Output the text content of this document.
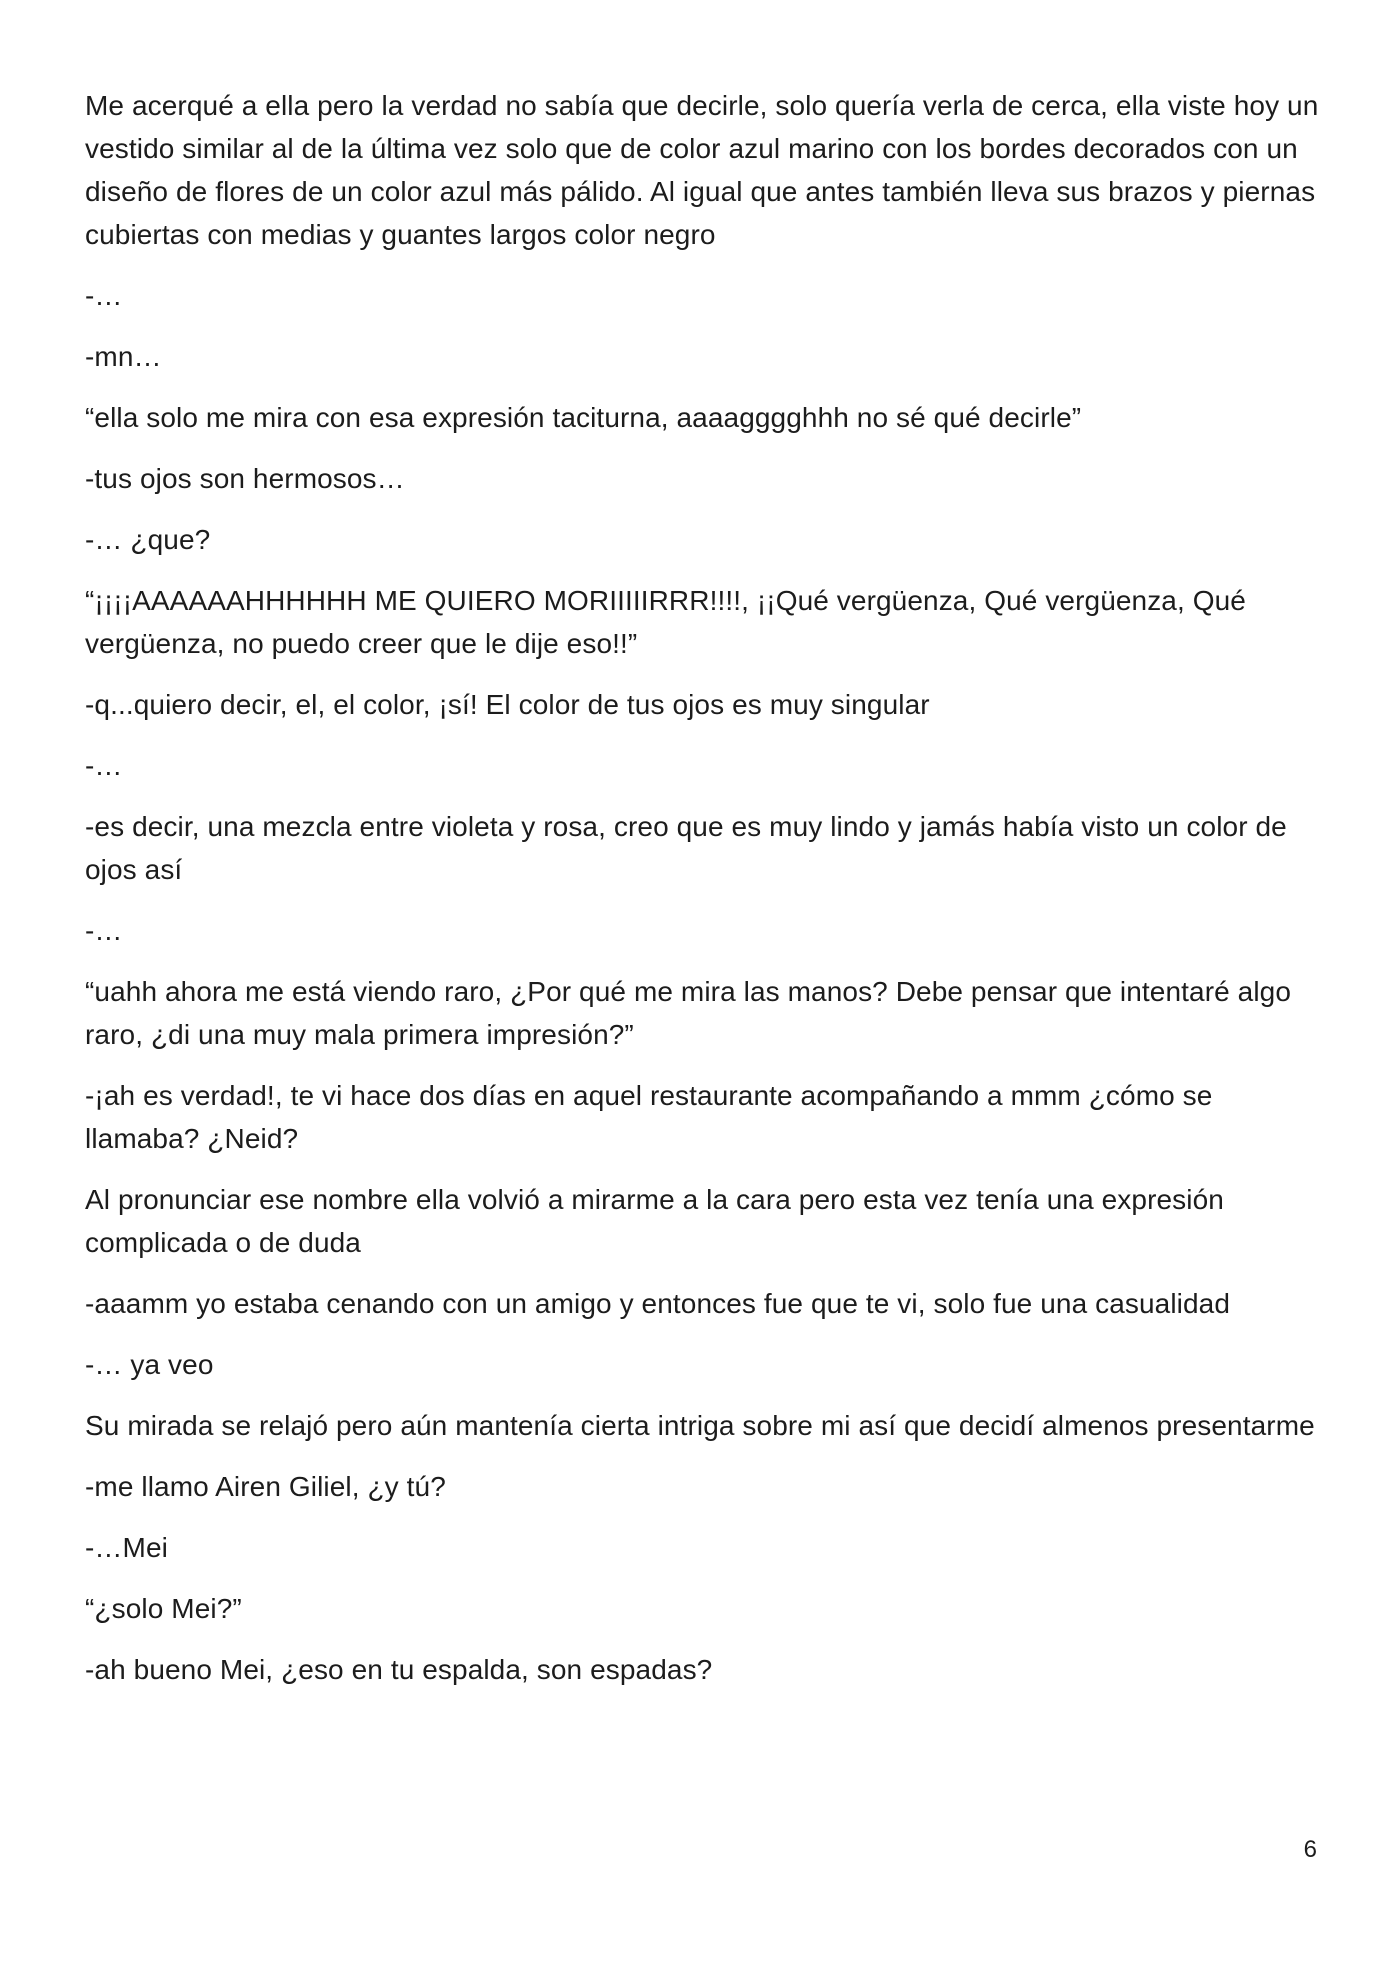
Me acerqué a ella pero la verdad no sabía que decirle, solo quería verla de cerca, ella viste hoy un vestido similar al de la última vez solo que de color azul marino con los bordes decorados con un diseño de flores de un color azul más pálido. Al igual que antes también lleva sus brazos y piernas cubiertas con medias y guantes largos color negro

-…

-mn…

“ella solo me mira con esa expresión taciturna, aaaagggghhh no sé qué decirle”

-tus ojos son hermosos…

-… ¿que?

“¡¡¡¡AAAAAAHHHHHH ME QUIERO MORIIIIIRRR!!!!, ¡¡Qué vergüenza, Qué vergüenza, Qué vergüenza, no puedo creer que le dije eso!!”

-q...quiero decir, el, el color, ¡sí! El color de tus ojos es muy singular

-…

-es decir, una mezcla entre violeta y rosa, creo que es muy lindo y jamás había visto un color de ojos así

-…

“uahh ahora me está viendo raro, ¿Por qué me mira las manos? Debe pensar que intentaré algo raro, ¿di una muy mala primera impresión?”

-¡ah es verdad!, te vi hace dos días en aquel restaurante acompañando a mmm ¿cómo se llamaba? ¿Neid?

Al pronunciar ese nombre ella volvió a mirarme a la cara pero esta vez tenía una expresión complicada o de duda

-aaamm yo estaba cenando con un amigo y entonces fue que te vi, solo fue una casualidad

-… ya veo

Su mirada se relajó pero aún mantenía cierta intriga sobre mi así que decidí almenos presentarme

-me llamo Airen Giliel, ¿y tú?

-…Mei

“¿solo Mei?”

-ah bueno Mei, ¿eso en tu espalda, son espadas?

6
